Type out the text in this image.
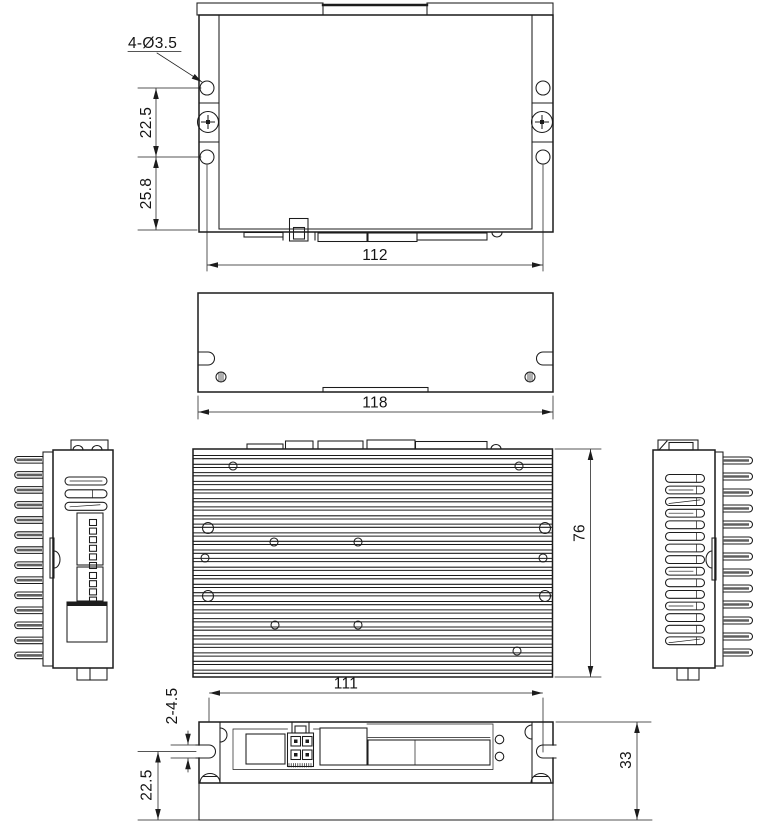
4-Ø3.5
22.5
25.8
112
118
76
111
2-4.5
22.5
33
